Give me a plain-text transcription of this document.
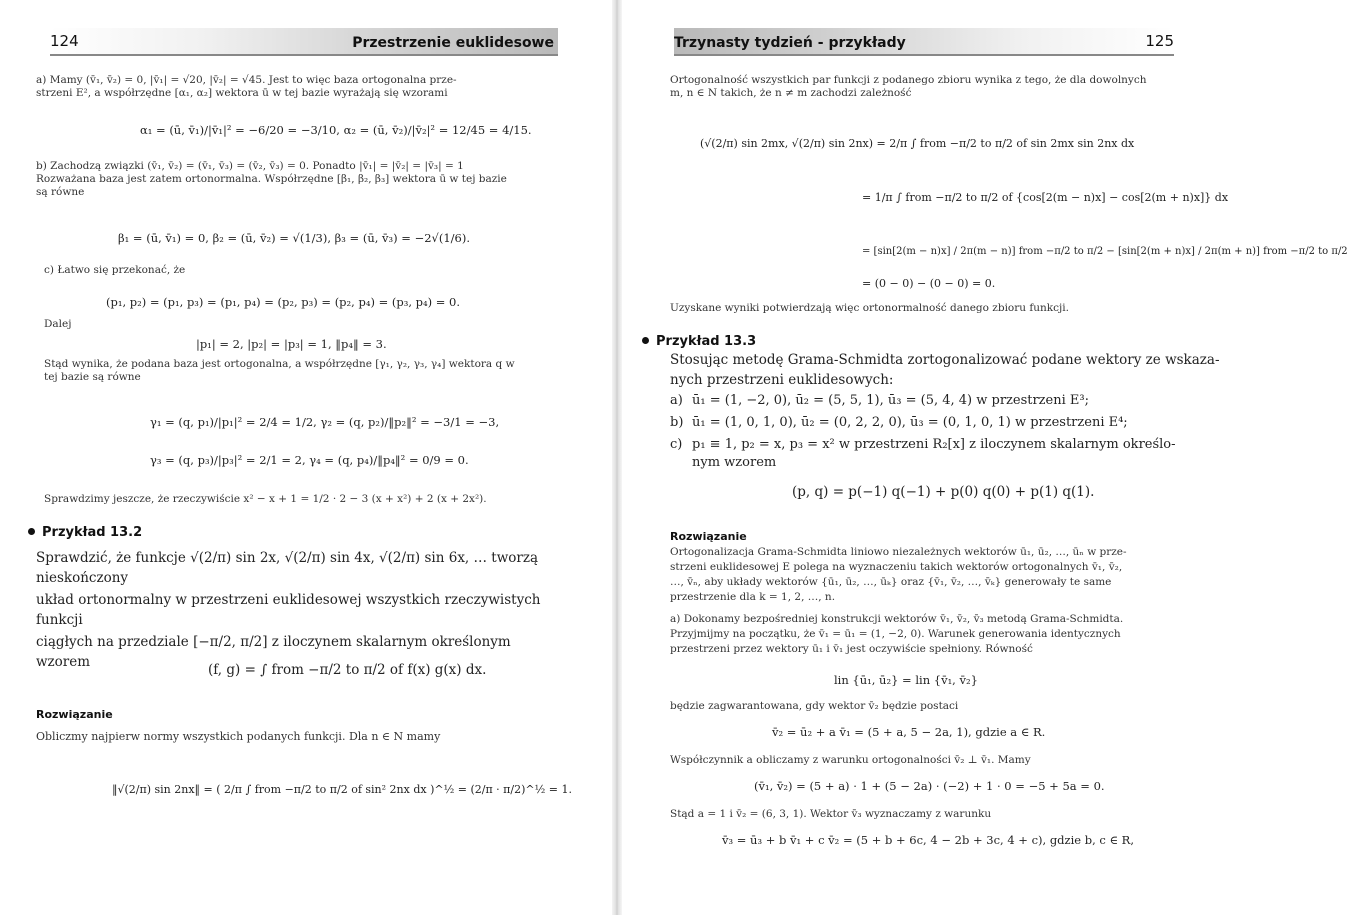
124	Przestrzenie euklidesowe
a) Mamy (v̄₁, v̄₂) = 0, |v̄₁| = √20, |v̄₂| = √45. Jest to więc baza ortogonalna prze-
strzeni E², a współrzędne [α₁, α₂] wektora ū w tej bazie wyrażają się wzorami
α₁ = (ū, v̄₁)/|v̄₁|² = −6/20 = −3/10, α₂ = (ū, v̄₂)/|v̄₂|² = 12/45 = 4/15.
b) Zachodzą związki (v̄₁, v̄₂) = (v̄₁, v̄₃) = (v̄₂, v̄₃) = 0. Ponadto |v̄₁| = |v̄₂| = |v̄₃| = 1
Rozważana baza jest zatem ortonormalna. Współrzędne [β₁, β₂, β₃] wektora ū w tej bazie
są równe
β₁ = (ū, v̄₁) = 0, β₂ = (ū, v̄₂) = √(1/3), β₃ = (ū, v̄₃) = −2√(1/6).
c) Łatwo się przekonać, że
(p₁, p₂) = (p₁, p₃) = (p₁, p₄) = (p₂, p₃) = (p₂, p₄) = (p₃, p₄) = 0.
Dalej
|p₁| = 2, |p₂| = |p₃| = 1, ‖p₄‖ = 3.
Stąd wynika, że podana baza jest ortogonalna, a współrzędne [γ₁, γ₂, γ₃, γ₄] wektora q w
tej bazie są równe
γ₁ = (q, p₁)/|p₁|² = 2/4 = 1/2, γ₂ = (q, p₂)/‖p₂‖² = −3/1 = −3,
γ₃ = (q, p₃)/|p₃|² = 2/1 = 2, γ₄ = (q, p₄)/‖p₄‖² = 0/9 = 0.
Sprawdzimy jeszcze, że rzeczywiście x² − x + 1 = 1/2 · 2 − 3 (x + x²) + 2 (x + 2x²).
Przykład 13.2
Sprawdzić, że funkcje √(2/π) sin 2x, √(2/π) sin 4x, √(2/π) sin 6x, … tworzą nieskończony
układ ortonormalny w przestrzeni euklidesowej wszystkich rzeczywistych funkcji
ciągłych na przedziale [−π/2, π/2] z iloczynem skalarnym określonym wzorem	(f, g) = ∫ from −π/2 to π/2 of f(x) g(x) dx.
Rozwiązanie
Obliczmy najpierw normy wszystkich podanych funkcji. Dla n ∈ N mamy
‖√(2/π) sin 2nx‖ = ( 2/π ∫ from −π/2 to π/2 of sin² 2nx dx )^½ = (2/π · π/2)^½ = 1.
Trzynasty tydzień - przykłady	125
Ortogonalność wszystkich par funkcji z podanego zbioru wynika z tego, że dla dowolnych
m, n ∈ N takich, że n ≠ m zachodzi zależność
(√(2/π) sin 2mx, √(2/π) sin 2nx) = 2/π ∫ from −π/2 to π/2 of sin 2mx sin 2nx dx
= 1/π ∫ from −π/2 to π/2 of {cos[2(m − n)x] − cos[2(m + n)x]} dx
= [sin[2(m − n)x] / 2π(m − n)] from −π/2 to π/2 − [sin[2(m + n)x] / 2π(m + n)] from −π/2 to π/2
= (0 − 0) − (0 − 0) = 0.
Uzyskane wyniki potwierdzają więc ortonormalność danego zbioru funkcji.
Przykład 13.3
Stosując metodę Grama-Schmidta zortogonalizować podane wektory ze wskaza-
nych przestrzeni euklidesowych:
a) ū₁ = (1, −2, 0), ū₂ = (5, 5, 1), ū₃ = (5, 4, 4) w przestrzeni E³;
b) ū₁ = (1, 0, 1, 0), ū₂ = (0, 2, 2, 0), ū₃ = (0, 1, 0, 1) w przestrzeni E⁴;
c) p₁ ≡ 1, p₂ = x, p₃ = x² w przestrzeni R₂[x] z iloczynem skalarnym określo-
nym wzorem
(p, q) = p(−1) q(−1) + p(0) q(0) + p(1) q(1).
Rozwiązanie
Ortogonalizacja Grama-Schmidta liniowo niezależnych wektorów ū₁, ū₂, …, ūₙ w prze-
strzeni euklidesowej E polega na wyznaczeniu takich wektorów ortogonalnych v̄₁, v̄₂,
…, v̄ₙ, aby układy wektorów {ū₁, ū₂, …, ūₖ} oraz {v̄₁, v̄₂, …, v̄ₖ} generowały te same
przestrzenie dla k = 1, 2, …, n.
a) Dokonamy bezpośredniej konstrukcji wektorów v̄₁, v̄₂, v̄₃ metodą Grama-Schmidta.
Przyjmijmy na początku, że v̄₁ = ū₁ = (1, −2, 0). Warunek generowania identycznych
przestrzeni przez wektory ū₁ i v̄₁ jest oczywiście spełniony. Równość
lin {ū₁, ū₂} = lin {v̄₁, v̄₂}
będzie zagwarantowana, gdy wektor v̄₂ będzie postaci
v̄₂ = ū₂ + a v̄₁ = (5 + a, 5 − 2a, 1), gdzie a ∈ R.
Współczynnik a obliczamy z warunku ortogonalności v̄₂ ⊥ v̄₁. Mamy
(v̄₁, v̄₂) = (5 + a) · 1 + (5 − 2a) · (−2) + 1 · 0 = −5 + 5a = 0.
Stąd a = 1 i v̄₂ = (6, 3, 1). Wektor v̄₃ wyznaczamy z warunku
v̄₃ = ū₃ + b v̄₁ + c v̄₂ = (5 + b + 6c, 4 − 2b + 3c, 4 + c), gdzie b, c ∈ R,
